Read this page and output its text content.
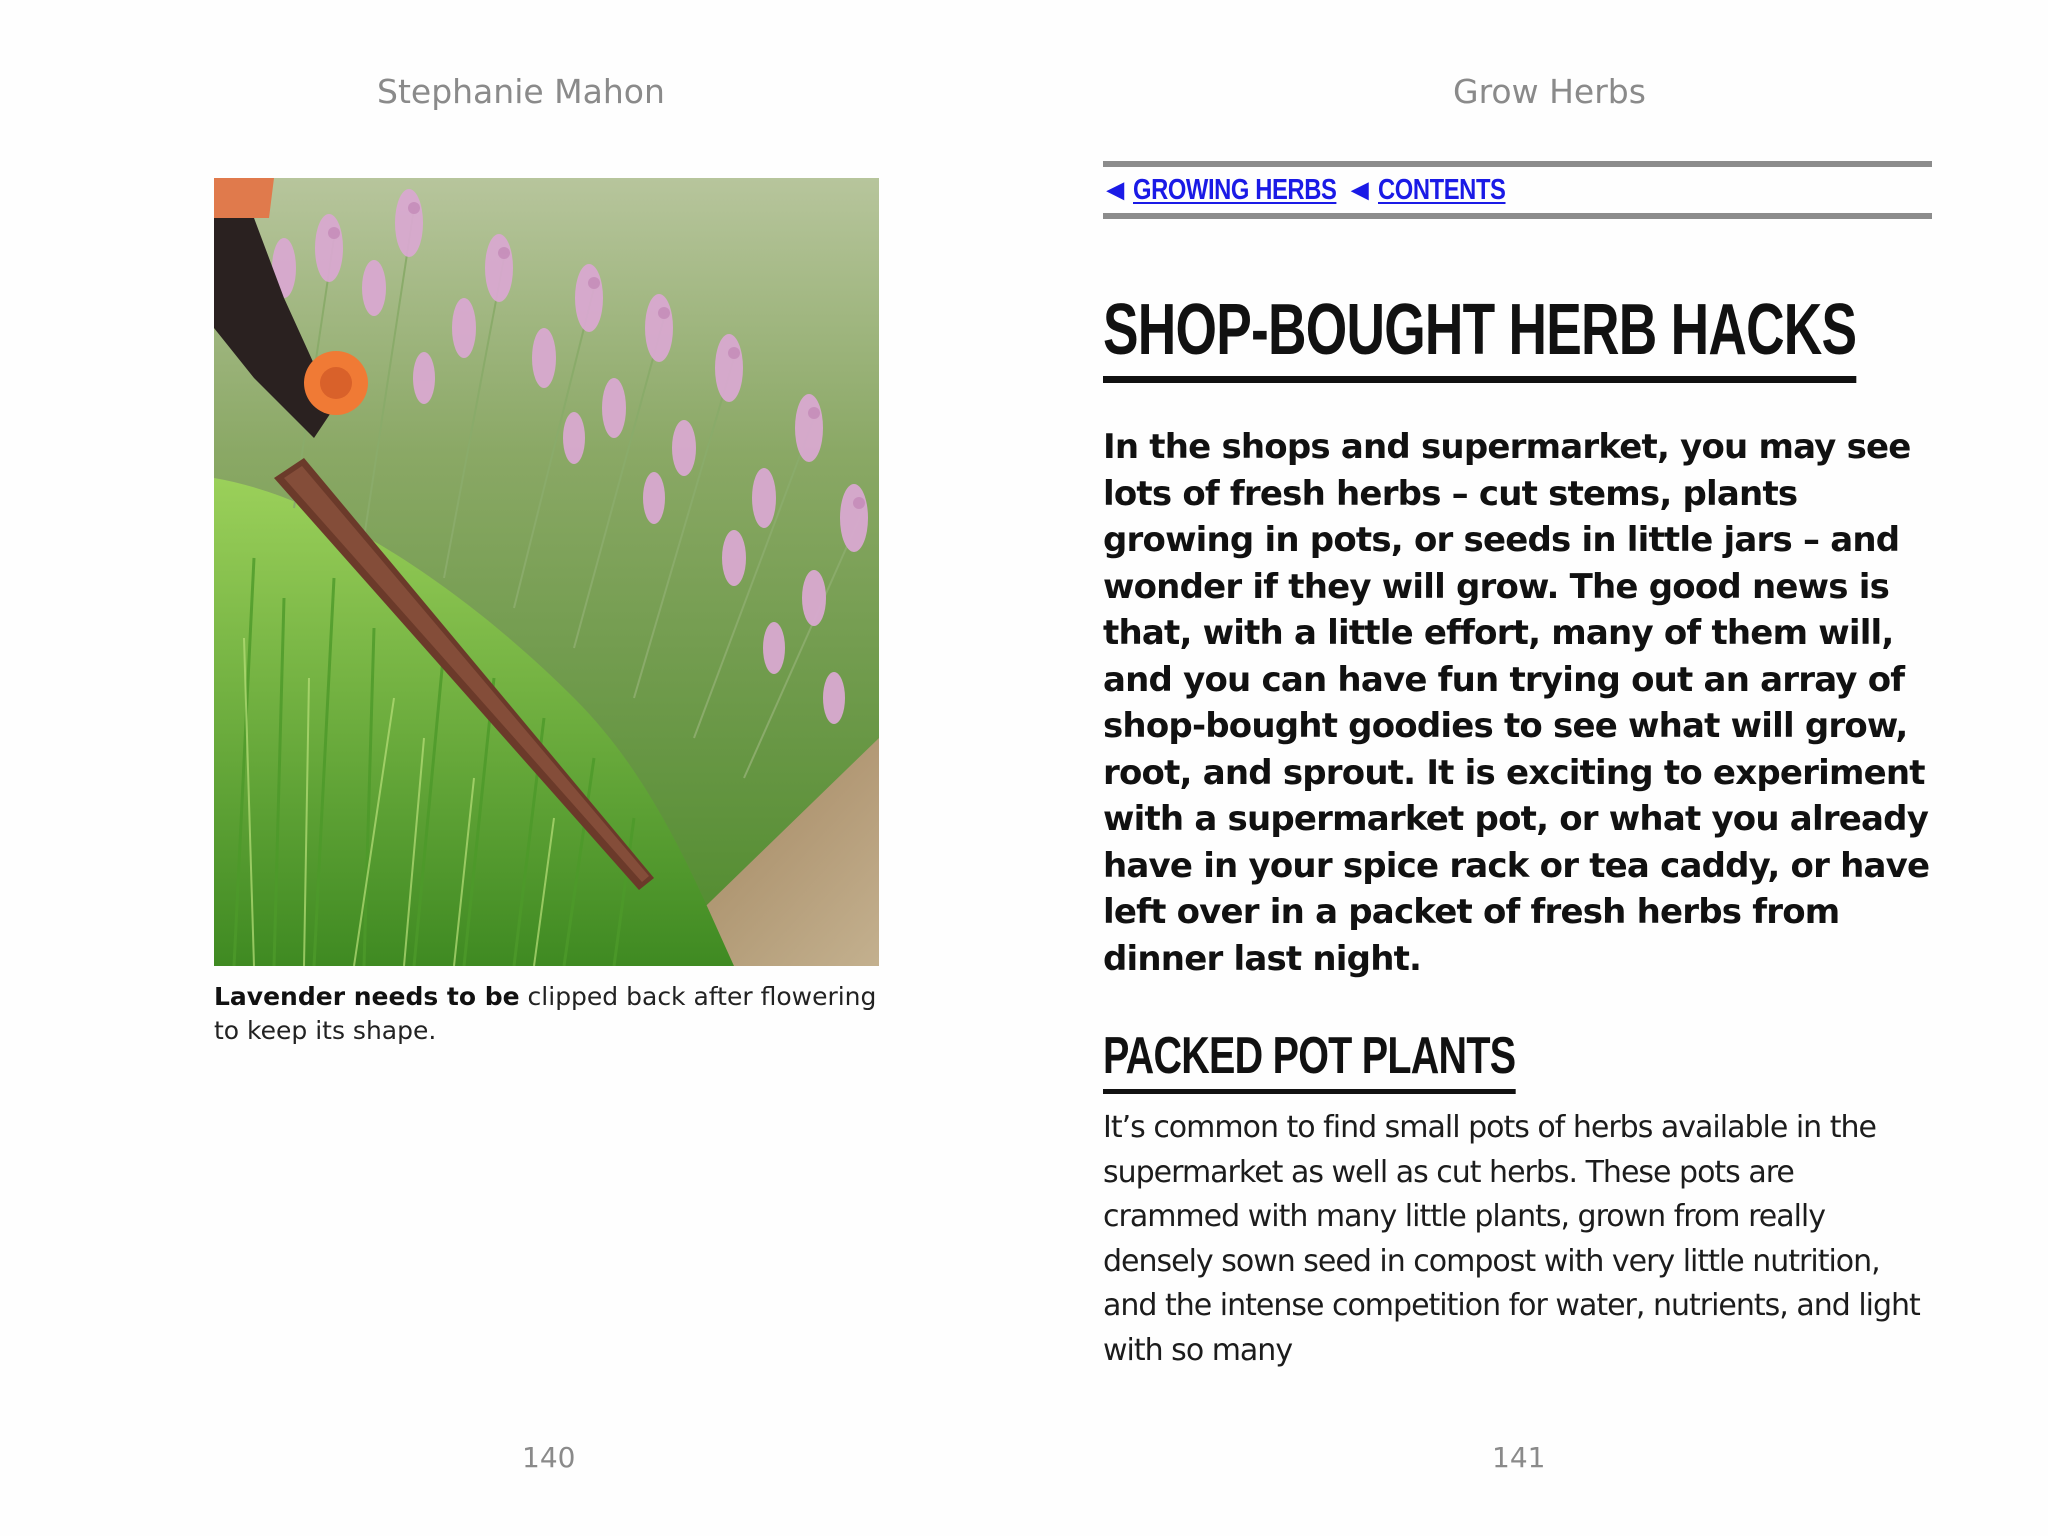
Stephanie Mahon	Grow Herbs
Lavender needs to be clipped back after flowering to keep its shape.
140
◀ GROWING HERBS ◀ CONTENTS
SHOP-BOUGHT HERB HACKS
In the shops and supermarket, you may see lots of fresh herbs – cut stems, plants growing in pots, or seeds in little jars – and wonder if they will grow. The good news is that, with a little effort, many of them will, and you can have fun trying out an array of shop-bought goodies to see what will grow, root, and sprout. It is exciting to experiment with a supermarket pot, or what you already have in your spice rack or tea caddy, or have left over in a packet of fresh herbs from dinner last night.
PACKED POT PLANTS
It’s common to find small pots of herbs available in the supermarket as well as cut herbs. These pots are crammed with many little plants, grown from really densely sown seed in compost with very little nutrition, and the intense competition for water, nutrients, and light with so many
141
